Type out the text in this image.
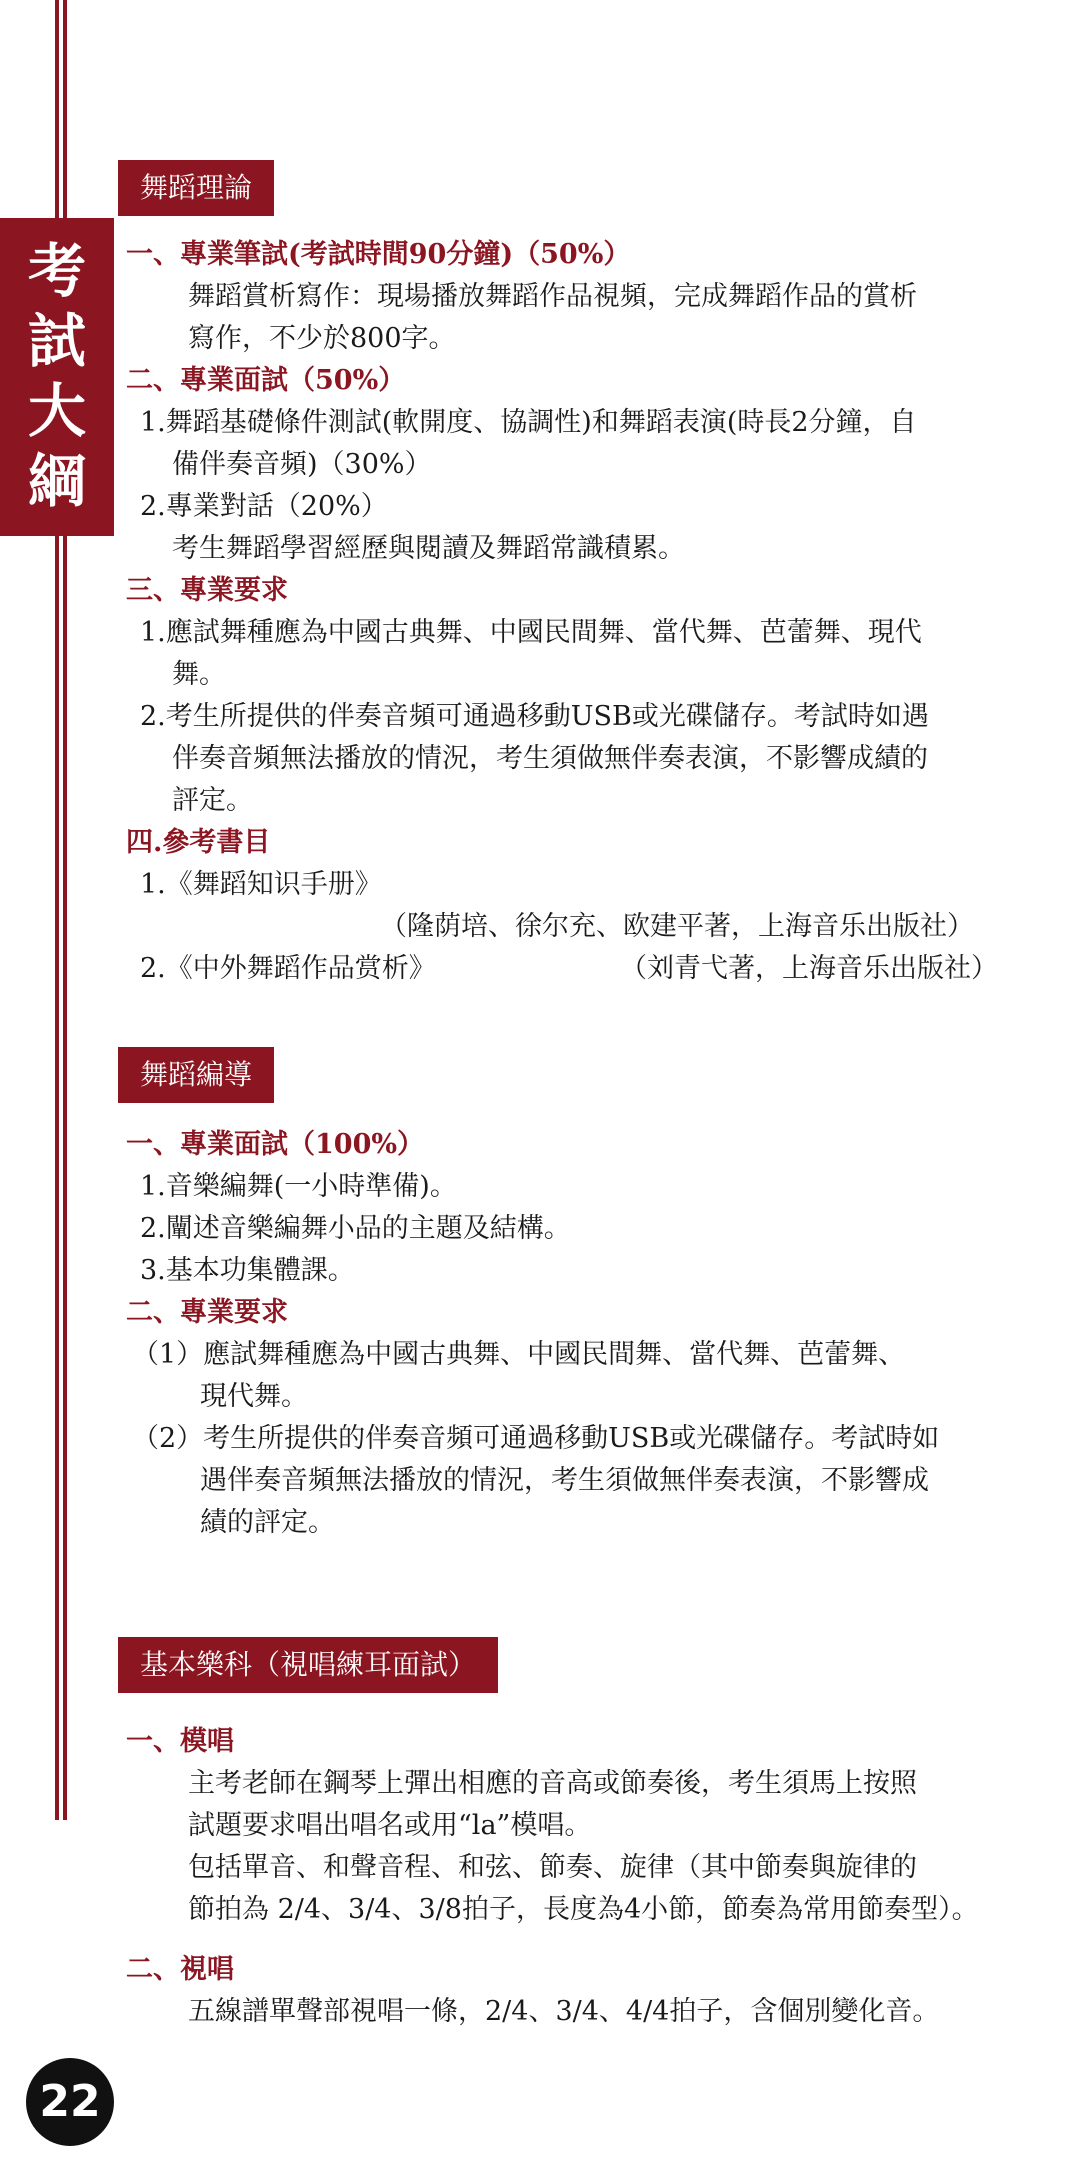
考
試
大
綱
舞蹈理論
一、專業筆試(考試時間90分鐘)（50%）
舞蹈賞析寫作：現場播放舞蹈作品視頻，完成舞蹈作品的賞析
寫作，不少於800字。
二、專業面試（50%）
1.舞蹈基礎條件測試(軟開度、協調性)和舞蹈表演(時長2分鐘，自
備伴奏音頻)（30%）
2.專業對話（20%）
考生舞蹈學習經歷與閱讀及舞蹈常識積累。
三、專業要求
1.應試舞種應為中國古典舞、中國民間舞、當代舞、芭蕾舞、現代
舞。
2.考生所提供的伴奏音頻可通過移動USB或光碟儲存。考試時如遇
伴奏音頻無法播放的情況，考生須做無伴奏表演，不影響成績的
評定。
四.參考書目
1.《舞蹈知识手册》
（隆荫培、徐尔充、欧建平著，上海音乐出版社）
2.《中外舞蹈作品赏析》	（刘青弋著，上海音乐出版社）
舞蹈編導
一、專業面試（100%）
1.音樂編舞(一小時準備)。
2.闡述音樂編舞小品的主題及結構。
3.基本功集體課。
二、專業要求
（1）應試舞種應為中國古典舞、中國民間舞、當代舞、芭蕾舞、
現代舞。
（2）考生所提供的伴奏音頻可通過移動USB或光碟儲存。考試時如
遇伴奏音頻無法播放的情況，考生須做無伴奏表演，不影響成
績的評定。
基本樂科（視唱練耳面試）
一、模唱
主考老師在鋼琴上彈出相應的音高或節奏後，考生須馬上按照
試題要求唱出唱名或用“la”模唱。
包括單音、和聲音程、和弦、節奏、旋律（其中節奏與旋律的
節拍為 2/4、3/4、3/8拍子，長度為4小節，節奏為常用節奏型）。
二、視唱
五線譜單聲部視唱一條，2/4、3/4、4/4拍子，含個別變化音。
22
